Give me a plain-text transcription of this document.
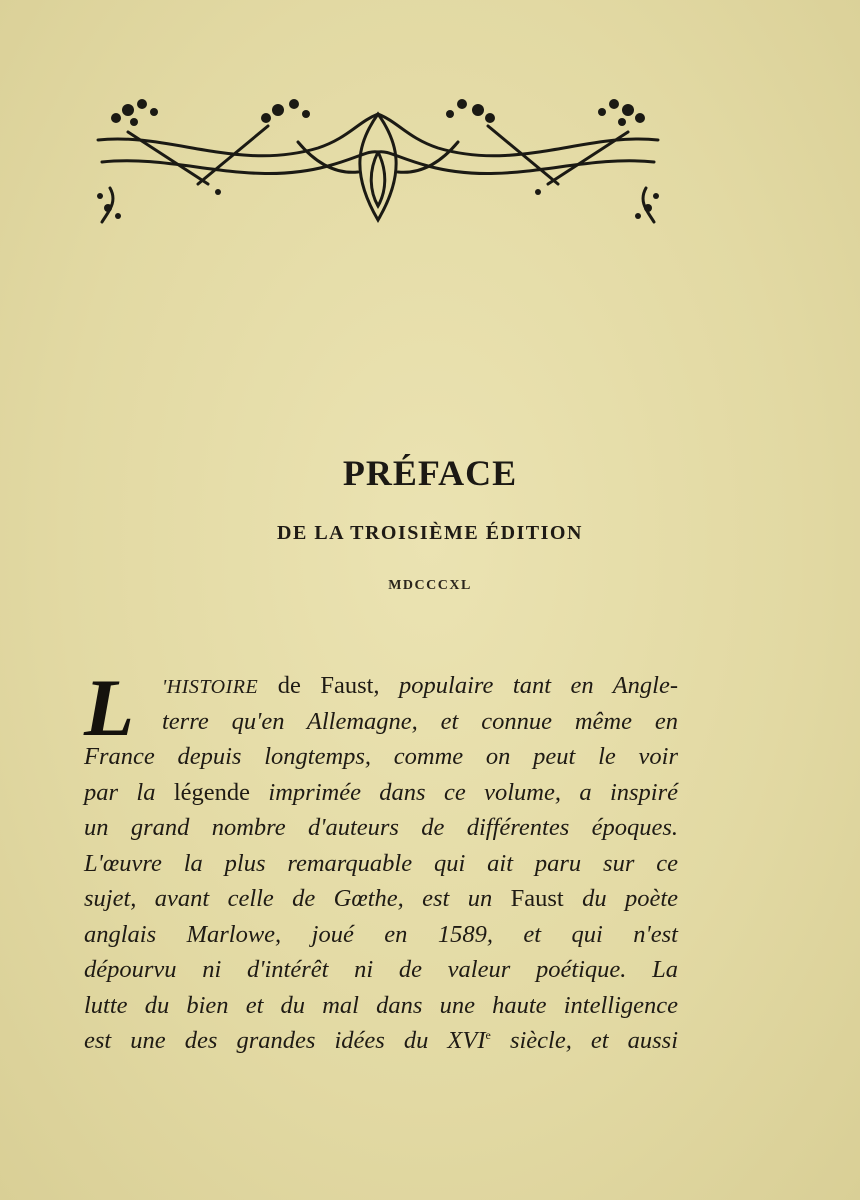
PRÉFACE
DE LA TROISIÈME ÉDITION
MDCCCXL
L	'HISTOIRE de Faust, populaire tant en Angle-
terre qu'en Allemagne, et connue même en
France depuis longtemps, comme on peut le voir
par la légende imprimée dans ce volume, a inspiré
un grand nombre d'auteurs de différentes époques.
L'œuvre la plus remarquable qui ait paru sur ce
sujet, avant celle de Gœthe, est un Faust du poète
anglais Marlowe, joué en 1589, et qui n'est
dépourvu ni d'intérêt ni de valeur poétique. La
lutte du bien et du mal dans une haute intelligence
est une des grandes idées du XVIe siècle, et aussi
